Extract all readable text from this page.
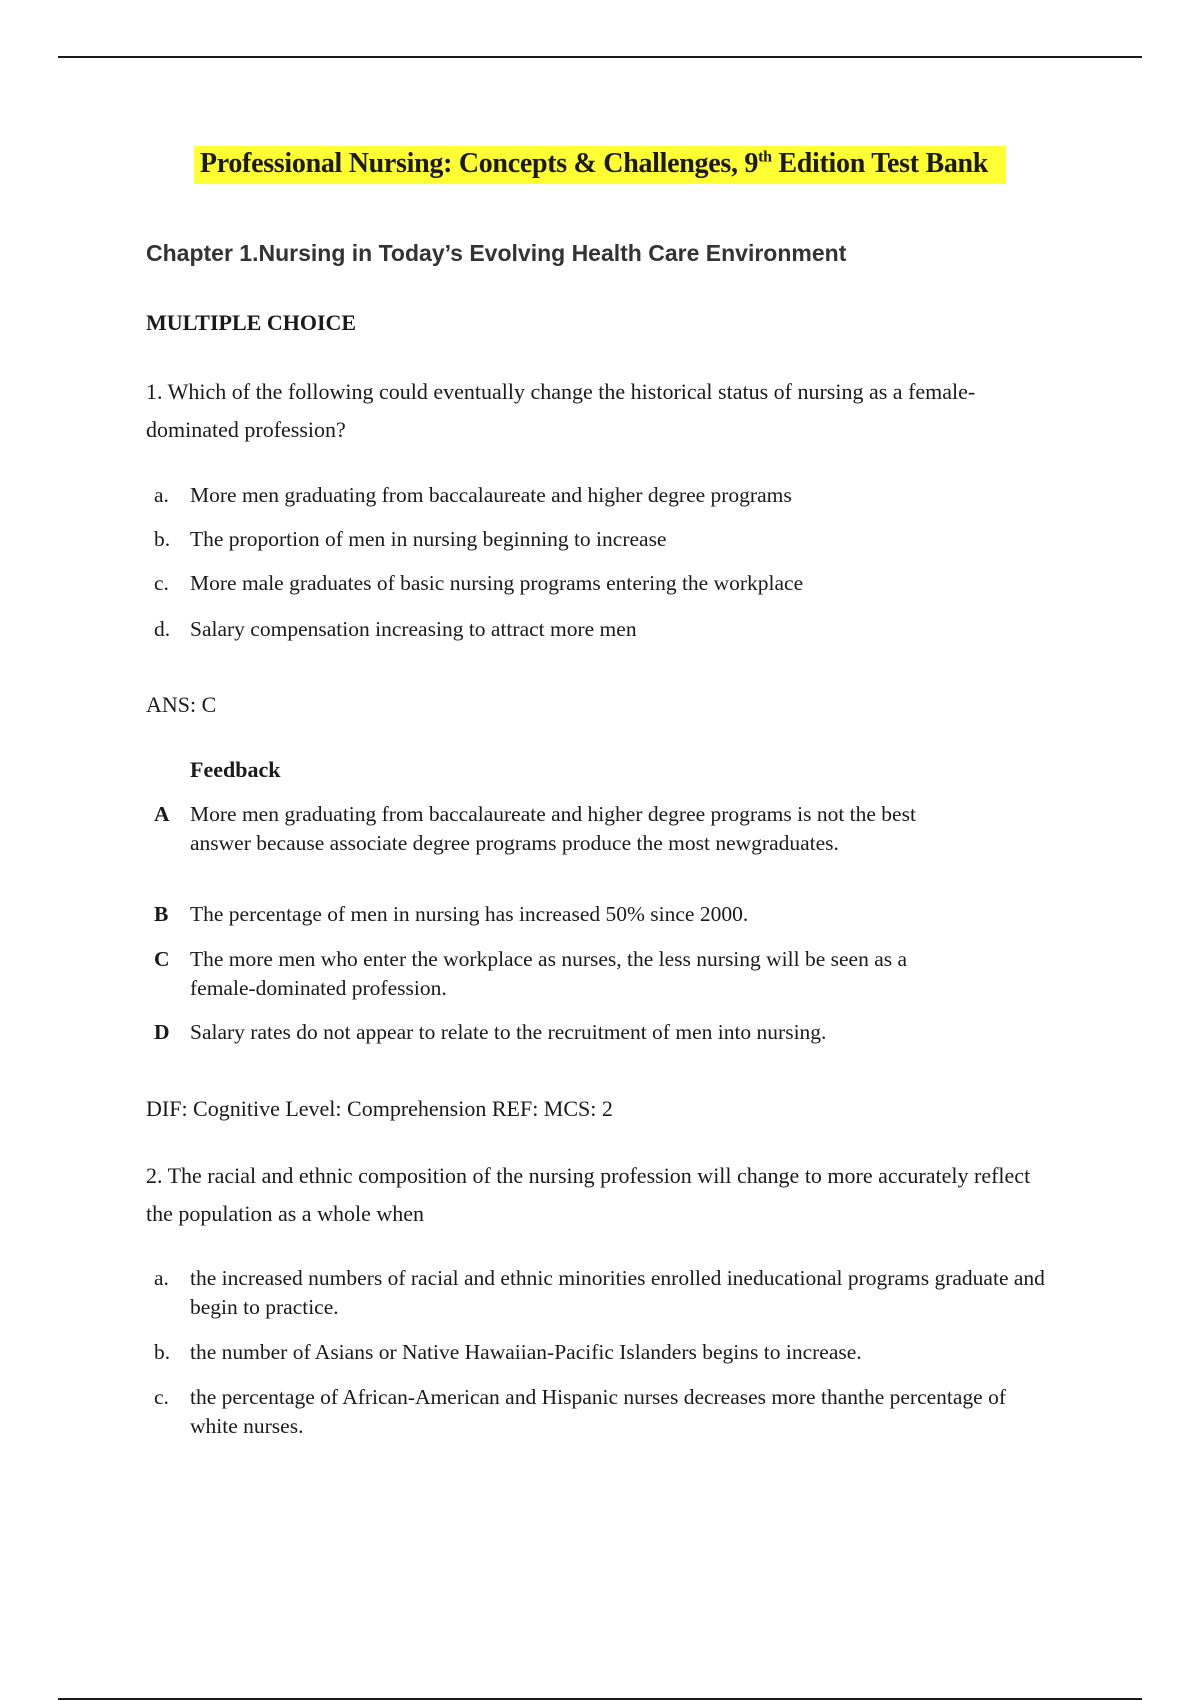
Professional Nursing: Concepts & Challenges, 9th Edition Test Bank
Chapter 1.Nursing in Today’s Evolving Health Care Environment
MULTIPLE CHOICE
1. Which of the following could eventually change the historical status of nursing as a female- dominated profession?
a. More men graduating from baccalaureate and higher degree programs
b. The proportion of men in nursing beginning to increase
c. More male graduates of basic nursing programs entering the workplace
d. Salary compensation increasing to attract more men
ANS: C
Feedback
A More men graduating from baccalaureate and higher degree programs is not the best answer because associate degree programs produce the most newgraduates.
B The percentage of men in nursing has increased 50% since 2000.
C The more men who enter the workplace as nurses, the less nursing will be seen as a female-dominated profession.
D Salary rates do not appear to relate to the recruitment of men into nursing.
DIF: Cognitive Level: Comprehension REF: MCS: 2
2. The racial and ethnic composition of the nursing profession will change to more accurately reflect the population as a whole when
a. the increased numbers of racial and ethnic minorities enrolled ineducational programs graduate and begin to practice.
b. the number of Asians or Native Hawaiian-Pacific Islanders begins to increase.
c. the percentage of African-American and Hispanic nurses decreases more thanthe percentage of white nurses.
